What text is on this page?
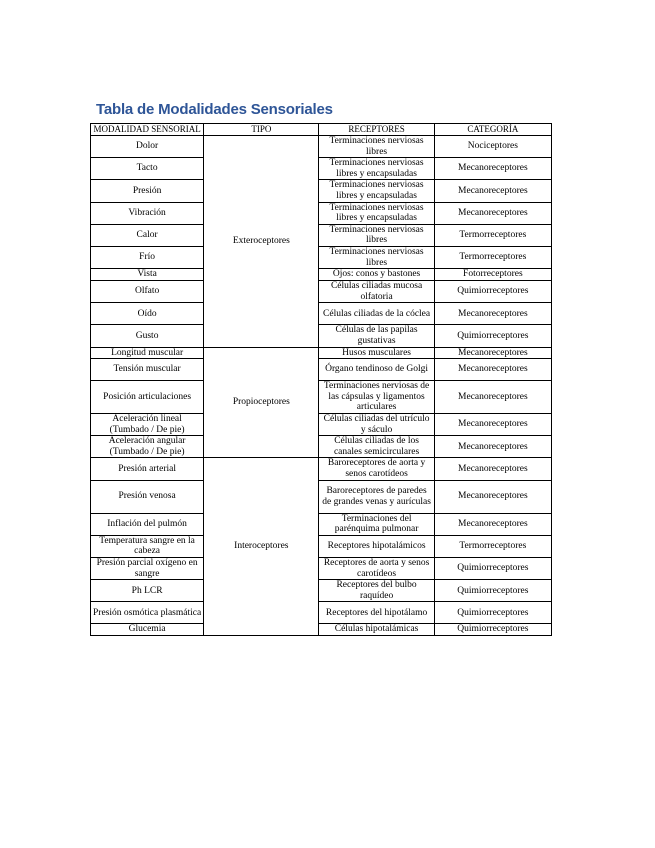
Tabla de Modalidades Sensoriales
MODALIDAD SENSORIAL	TIPO	RECEPTORES	CATEGORÍA
Dolor	Exteroceptores	Terminaciones nerviosas libres	Nociceptores
Tacto		Terminaciones nerviosas libres y encapsuladas	Mecanoreceptores
Presión		Terminaciones nerviosas libres y encapsuladas	Mecanoreceptores
Vibración		Terminaciones nerviosas libres y encapsuladas	Mecanoreceptores
Calor		Terminaciones nerviosas libres	Termorreceptores
Frío		Terminaciones nerviosas libres	Termorreceptores
Vista		Ojos: conos y bastones	Fotorreceptores
Olfato		Células ciliadas mucosa olfatoria	Quimiorreceptores
Oído		Células ciliadas de la cóclea	Mecanoreceptores
Gusto		Células de las papilas gustativas	Quimiorreceptores
Longitud muscular	Propioceptores	Husos musculares	Mecanoreceptores
Tensión muscular		Órgano tendinoso de Golgi	Mecanoreceptores
Posición articulaciones		Terminaciones nerviosas de las cápsulas y ligamentos articulares	Mecanoreceptores
Aceleración lineal (Tumbado / De pie)		Células ciliadas del utrículo y sáculo	Mecanoreceptores
Aceleración angular (Tumbado / De pie)		Células ciliadas de los canales semicirculares	Mecanoreceptores
Presión arterial	Interoceptores	Baroreceptores de aorta y senos carotídeos	Mecanoreceptores
Presión venosa		Baroreceptores de paredes de grandes venas y aurículas	Mecanoreceptores
Inflación del pulmón		Terminaciones del parénquima pulmonar	Mecanoreceptores
Temperatura sangre en la cabeza		Receptores hipotalámicos	Termorreceptores
Presión parcial oxígeno en sangre		Receptores de aorta y senos carotídeos	Quimiorreceptores
Ph LCR		Receptores del bulbo raquídeo	Quimiorreceptores
Presión osmótica plasmática		Receptores del hipotálamo	Quimiorreceptores
Glucemia		Células hipotalámicas	Quimiorreceptores
